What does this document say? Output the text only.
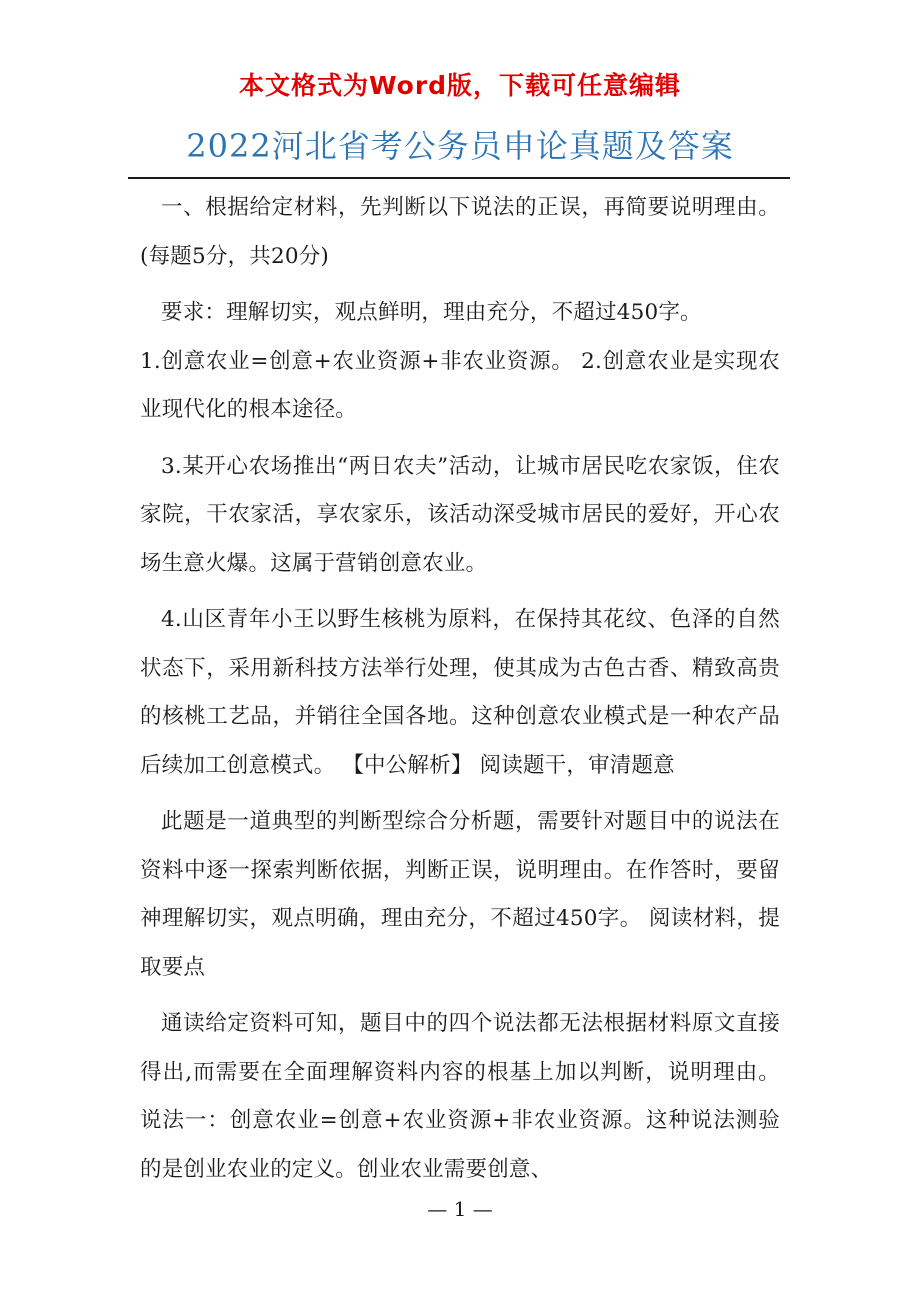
本文格式为Word版，下载可任意编辑
2022河北省考公务员申论真题及答案

一、根据给定材料，先判断以下说法的正误，再简要说明理由。(每题5分，共20分)

要求：理解切实，观点鲜明，理由充分，不超过450字。

1.创意农业=创意+农业资源+非农业资源。 2.创意农业是实现农业现代化的根本途径。

3.某开心农场推出“两日农夫”活动，让城市居民吃农家饭，住农家院，干农家活，享农家乐，该活动深受城市居民的爱好，开心农场生意火爆。这属于营销创意农业。

4.山区青年小王以野生核桃为原料，在保持其花纹、色泽的自然状态下，采用新科技方法举行处理，使其成为古色古香、精致高贵的核桃工艺品，并销往全国各地。这种创意农业模式是一种农产品后续加工创意模式。 【中公解析】 阅读题干，审清题意

此题是一道典型的判断型综合分析题，需要针对题目中的说法在资料中逐一探索判断依据，判断正误，说明理由。在作答时，要留神理解切实，观点明确，理由充分，不超过450字。 阅读材料，提取要点

通读给定资料可知，题目中的四个说法都无法根据材料原文直接得出,而需要在全面理解资料内容的根基上加以判断，说明理由。 说法一：创意农业=创意+农业资源+非农业资源。这种说法测验的是创业农业的定义。创业农业需要创意、

— 1 —
